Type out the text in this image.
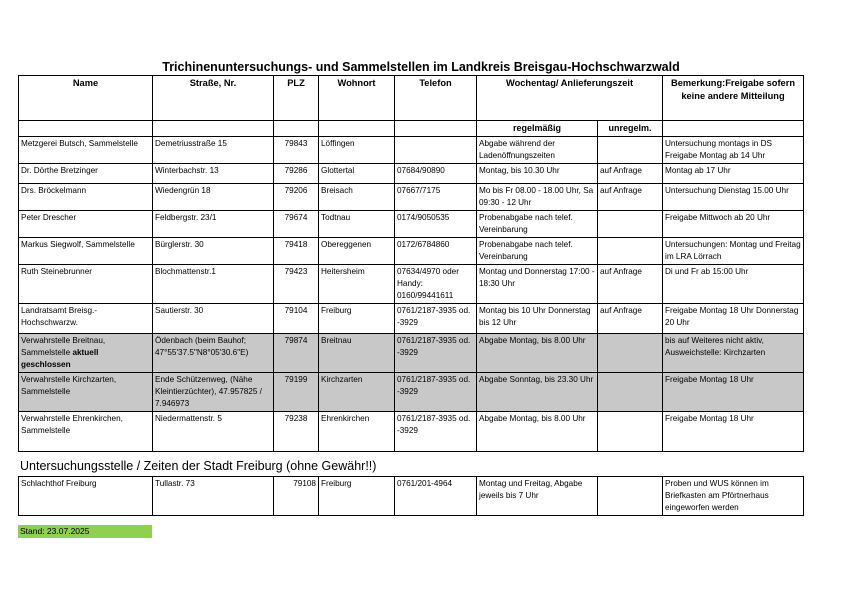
Trichinenuntersuchungs- und Sammelstellen im Landkreis Breisgau-Hochschwarzwald
Name	Straße, Nr.	PLZ	Wohnort	Telefon	Wochentag/ Anlieferungszeit		Bemerkung:Freigabe sofern keine andere Mitteilung
					regelmäßig	unregelm.	
Metzgerei Butsch, Sammelstelle	Demetriusstraße 15	79843	Löffingen		Abgabe während der Ladenöffnungszeiten		Untersuchung montags in DS Freigabe Montag ab 14 Uhr
Dr. Dörthe Bretzinger	Winterbachstr. 13	79286	Glottertal	07684/90890	Montag, bis 10.30 Uhr	auf Anfrage	Montag ab 17 Uhr
Drs. Bröckelmann	Wiedengrün 18	79206	Breisach	07667/7175	Mo bis Fr 08.00 - 18.00 Uhr, Sa 09:30 - 12 Uhr	auf Anfrage	Untersuchung Dienstag 15.00 Uhr
Peter Drescher	Feldbergstr. 23/1	79674	Todtnau	0174/9050535	Probenabgabe nach telef. Vereinbarung		Freigabe Mittwoch ab 20 Uhr
Markus Siegwolf, Sammelstelle	Bürglerstr. 30	79418	Obereggenen	0172/6784860	Probenabgabe nach telef. Vereinbarung		Untersuchungen: Montag und Freitag im LRA Lörrach
Ruth Steinebrunner	Blochmattenstr.1	79423	Heitersheim	07634/4970 oder Handy: 0160/99441611	Montag und Donnerstag 17:00 - 18:30 Uhr	auf Anfrage	Di und Fr ab 15:00 Uhr
Landratsamt Breisg.- Hochschwarzw.	Sautierstr. 30	79104	Freiburg	0761/2187-3935 od. -3929	Montag bis 10 Uhr Donnerstag bis 12 Uhr	auf Anfrage	Freigabe Montag 18 Uhr Donnerstag 20 Uhr
Verwahrstelle Breitnau, Sammelstelle aktuell geschlossen	Ödenbach (beim Bauhof; 47°55'37.5"N8°05'30.6"E)	79874	Breitnau	0761/2187-3935 od. -3929	Abgabe Montag, bis 8.00 Uhr		bis auf Weiteres nicht aktiv, Ausweichstelle: Kirchzarten
Verwahrstelle Kirchzarten, Sammelstelle	Ende Schützenweg, (Nähe Kleintierzüchter), 47.957825 / 7.946973	79199	Kirchzarten	0761/2187-3935 od. -3929	Abgabe Sonntag, bis 23.30 Uhr		Freigabe Montag 18 Uhr
Verwahrstelle Ehrenkirchen, Sammelstelle	Niedermattenstr. 5	79238	Ehrenkirchen	0761/2187-3935 od. -3929	Abgabe Montag, bis 8.00 Uhr		Freigabe Montag 18 Uhr
Untersuchungsstelle / Zeiten der Stadt Freiburg (ohne Gewähr!!)
Schlachthof Freiburg	Tullastr. 73	79108	Freiburg	0761/201-4964	Montag und Freitag, Abgabe jeweils bis 7 Uhr		Proben und WUS können im Briefkasten am Pförtnerhaus eingeworfen werden
Stand: 23.07.2025
